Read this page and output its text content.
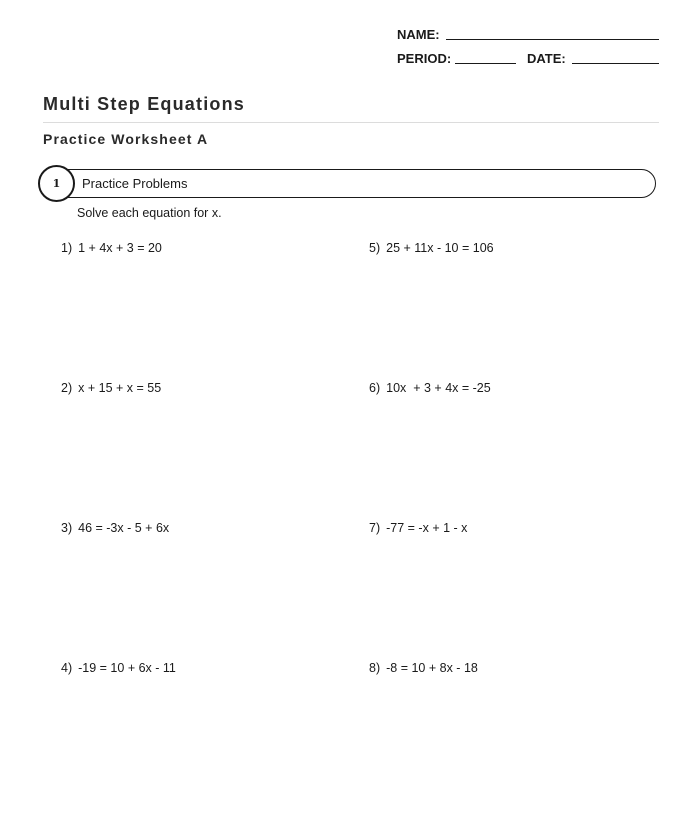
NAME:
PERIOD:	DATE:
Multi Step Equations
Practice Worksheet A
1 Practice Problems
Solve each equation for x.
1) 1 + 4x + 3 = 20
2) x + 15 + x = 55
3) 46 = -3x - 5 + 6x
4) -19 = 10 + 6x - 11
5) 25 + 11x - 10 = 106
6) 10x  + 3 + 4x = -25
7) -77 = -x + 1 - x
8) -8 = 10 + 8x - 18
